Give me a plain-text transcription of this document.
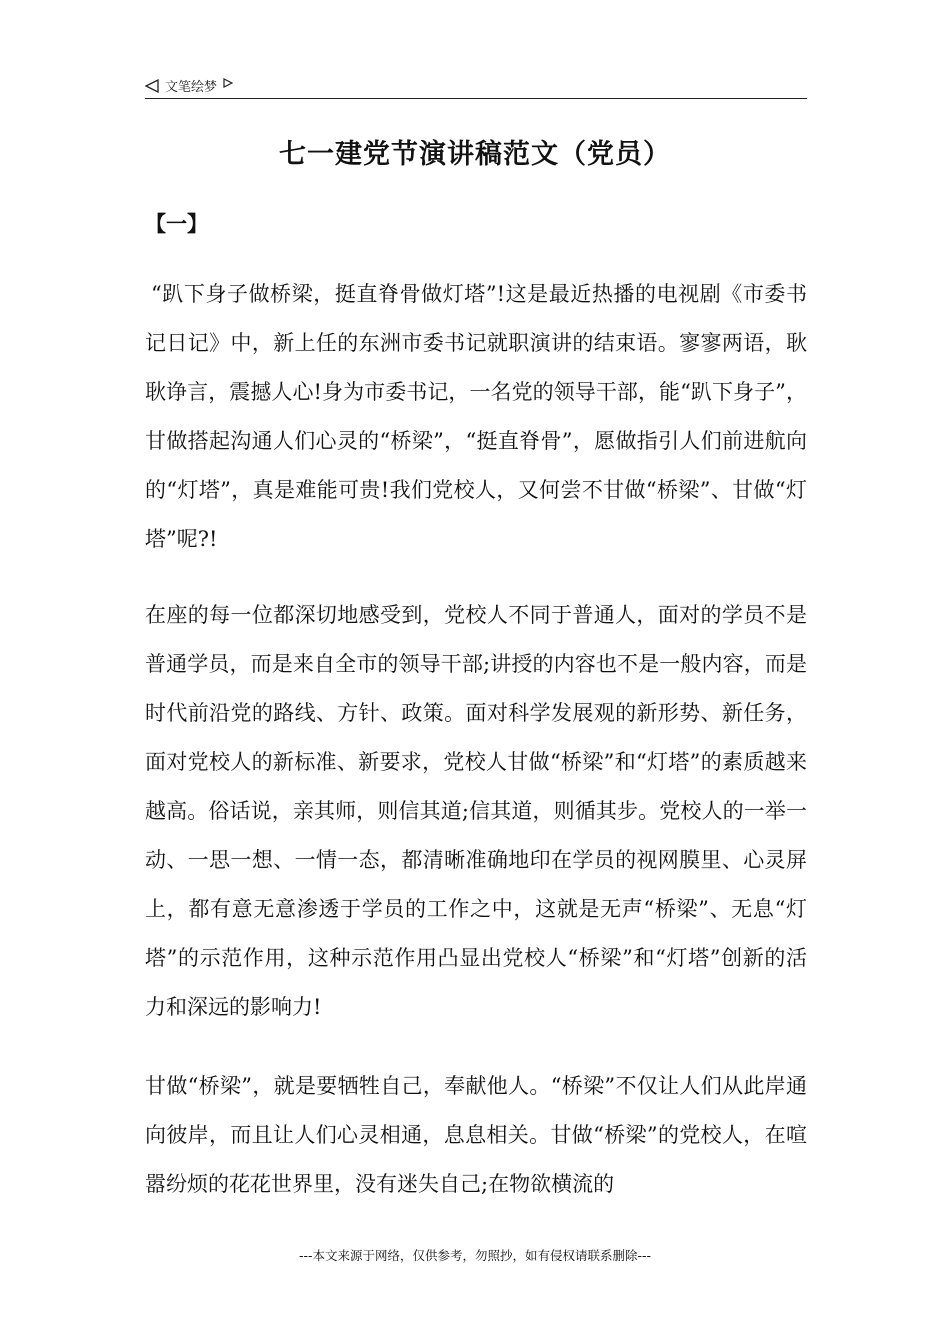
文笔绘梦
七一建党节演讲稿范文（党员）
【一】

“趴下身子做桥梁，挺直脊骨做灯塔”!这是最近热播的电视剧《市委书记日记》中，新上任的东洲市委书记就职演讲的结束语。寥寥两语，耿耿诤言，震撼人心!身为市委书记，一名党的领导干部，能“趴下身子”，甘做搭起沟通人们心灵的“桥梁”，“挺直脊骨”，愿做指引人们前进航向的“灯塔”，真是难能可贵!我们党校人，又何尝不甘做“桥梁”、甘做“灯塔”呢?!

在座的每一位都深切地感受到，党校人不同于普通人，面对的学员不是普通学员，而是来自全市的领导干部;讲授的内容也不是一般内容，而是时代前沿党的路线、方针、政策。面对科学发展观的新形势、新任务，面对党校人的新标准、新要求，党校人甘做“桥梁”和“灯塔”的素质越来越高。俗话说，亲其师，则信其道;信其道，则循其步。党校人的一举一动、一思一想、一情一态，都清晰准确地印在学员的视网膜里、心灵屏上，都有意无意渗透于学员的工作之中，这就是无声“桥梁”、无息“灯塔”的示范作用，这种示范作用凸显出党校人“桥梁”和“灯塔”创新的活力和深远的影响力!

甘做“桥梁”，就是要牺牲自己，奉献他人。“桥梁”不仅让人们从此岸通向彼岸，而且让人们心灵相通，息息相关。甘做“桥梁”的党校人，在喧嚣纷烦的花花世界里，没有迷失自己;在物欲横流的

---本文来源于网络，仅供参考，勿照抄，如有侵权请联系删除---
